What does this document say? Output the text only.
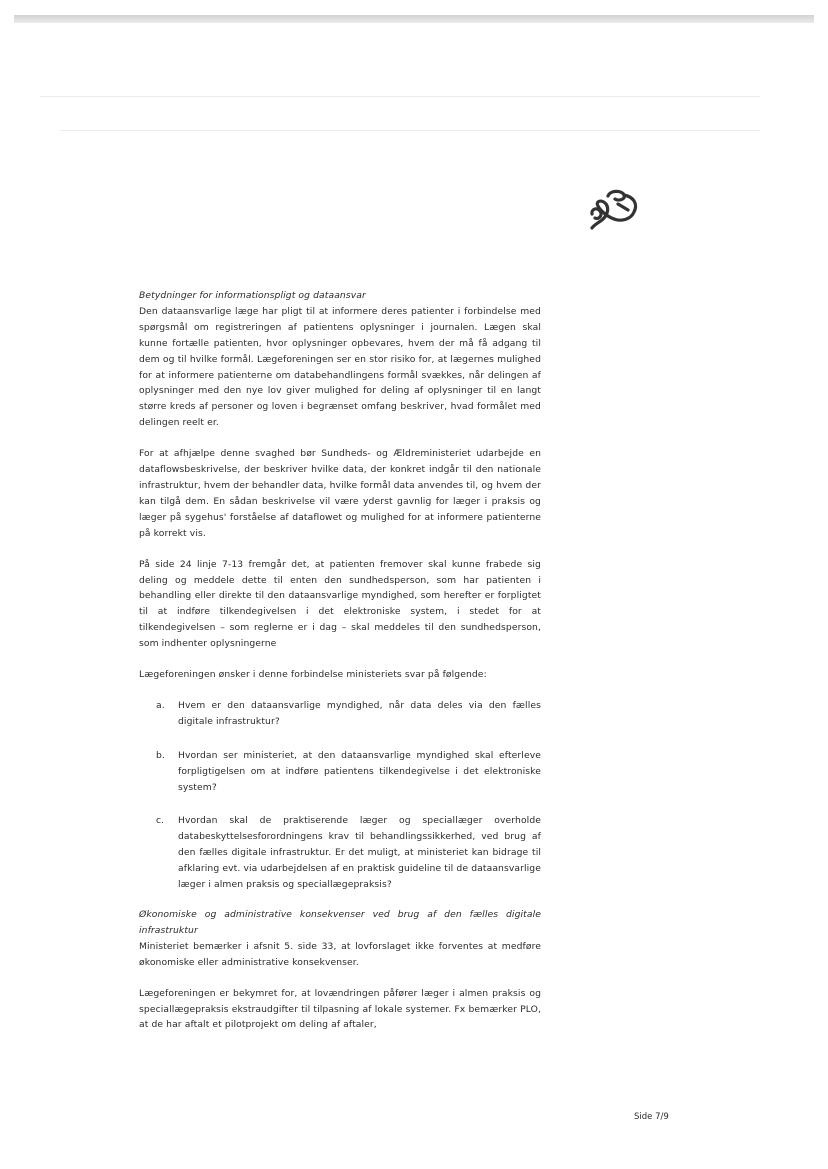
Betydninger for informationspligt og dataansvar

Den dataansvarlige læge har pligt til at informere deres patienter i forbindelse med spørgsmål om registreringen af patientens oplysninger i journalen. Lægen skal kunne fortælle patienten, hvor oplysninger opbevares, hvem der må få adgang til dem og til hvilke formål. Lægeforeningen ser en stor risiko for, at lægernes mulighed for at informere patienterne om databehandlingens formål svækkes, når delingen af oplysninger med den nye lov giver mulighed for deling af oplysninger til en langt større kreds af personer og loven i begrænset omfang beskriver, hvad formålet med delingen reelt er.

For at afhjælpe denne svaghed bør Sundheds- og Ældreministeriet udarbejde en dataflowsbeskrivelse, der beskriver hvilke data, der konkret indgår til den nationale infrastruktur, hvem der behandler data, hvilke formål data anvendes til, og hvem der kan tilgå dem. En sådan beskrivelse vil være yderst gavnlig for læger i praksis og læger på sygehus' forståelse af dataflowet og mulighed for at informere patienterne på korrekt vis.

På side 24 linje 7-13 fremgår det, at patienten fremover skal kunne frabede sig deling og meddele dette til enten den sundhedsperson, som har patienten i behandling eller direkte til den dataansvarlige myndighed, som herefter er forpligtet til at indføre tilkendegivelsen i det elektroniske system, i stedet for at tilkendegivelsen – som reglerne er i dag – skal meddeles til den sundhedsperson, som indhenter oplysningerne

Lægeforeningen ønsker i denne forbindelse ministeriets svar på følgende:

a.	Hvem er den dataansvarlige myndighed, når data deles via den fælles digitale infrastruktur?
b.	Hvordan ser ministeriet, at den dataansvarlige myndighed skal efterleve forpligtigelsen om at indføre patientens tilkendegivelse i det elektroniske system?
c.	Hvordan skal de praktiserende læger og speciallæger overholde databeskyttelsesforordningens krav til behandlingssikkerhed, ved brug af den fælles digitale infrastruktur. Er det muligt, at ministeriet kan bidrage til afklaring evt. via udarbejdelsen af en praktisk guideline til de dataansvarlige læger i almen praksis og speciallægepraksis?

Økonomiske og administrative konsekvenser ved brug af den fælles digitale infrastruktur

Ministeriet bemærker i afsnit 5. side 33, at lovforslaget ikke forventes at medføre økonomiske eller administrative konsekvenser.

Lægeforeningen er bekymret for, at lovændringen påfører læger i almen praksis og speciallægepraksis ekstraudgifter til tilpasning af lokale systemer. Fx bemærker PLO, at de har aftalt et pilotprojekt om deling af aftaler,

Side 7/9
